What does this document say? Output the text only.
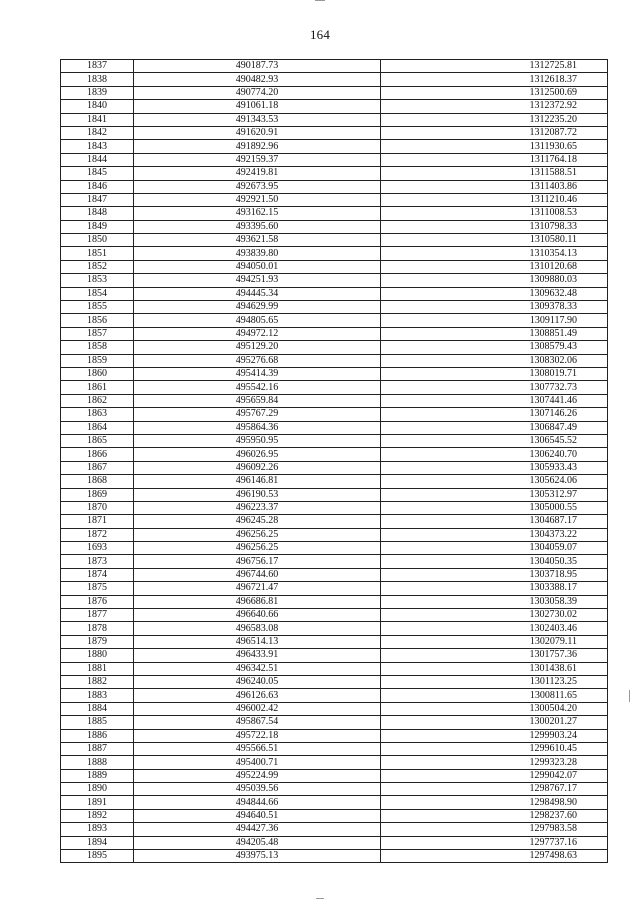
164
1837	490187.73	1312725.81
1838	490482.93	1312618.37
1839	490774.20	1312500.69
1840	491061.18	1312372.92
1841	491343.53	1312235.20
1842	491620.91	1312087.72
1843	491892.96	1311930.65
1844	492159.37	1311764.18
1845	492419.81	1311588.51
1846	492673.95	1311403.86
1847	492921.50	1311210.46
1848	493162.15	1311008.53
1849	493395.60	1310798.33
1850	493621.58	1310580.11
1851	493839.80	1310354.13
1852	494050.01	1310120.68
1853	494251.93	1309880.03
1854	494445.34	1309632.48
1855	494629.99	1309378.33
1856	494805.65	1309117.90
1857	494972.12	1308851.49
1858	495129.20	1308579.43
1859	495276.68	1308302.06
1860	495414.39	1308019.71
1861	495542.16	1307732.73
1862	495659.84	1307441.46
1863	495767.29	1307146.26
1864	495864.36	1306847.49
1865	495950.95	1306545.52
1866	496026.95	1306240.70
1867	496092.26	1305933.43
1868	496146.81	1305624.06
1869	496190.53	1305312.97
1870	496223.37	1305000.55
1871	496245.28	1304687.17
1872	496256.25	1304373.22
1693	496256.25	1304059.07
1873	496756.17	1304050.35
1874	496744.60	1303718.95
1875	496721.47	1303388.17
1876	496686.81	1303058.39
1877	496640.66	1302730.02
1878	496583.08	1302403.46
1879	496514.13	1302079.11
1880	496433.91	1301757.36
1881	496342.51	1301438.61
1882	496240.05	1301123.25
1883	496126.63	1300811.65
1884	496002.42	1300504.20
1885	495867.54	1300201.27
1886	495722.18	1299903.24
1887	495566.51	1299610.45
1888	495400.71	1299323.28
1889	495224.99	1299042.07
1890	495039.56	1298767.17
1891	494844.66	1298498.90
1892	494640.51	1298237.60
1893	494427.36	1297983.58
1894	494205.48	1297737.16
1895	493975.13	1297498.63
